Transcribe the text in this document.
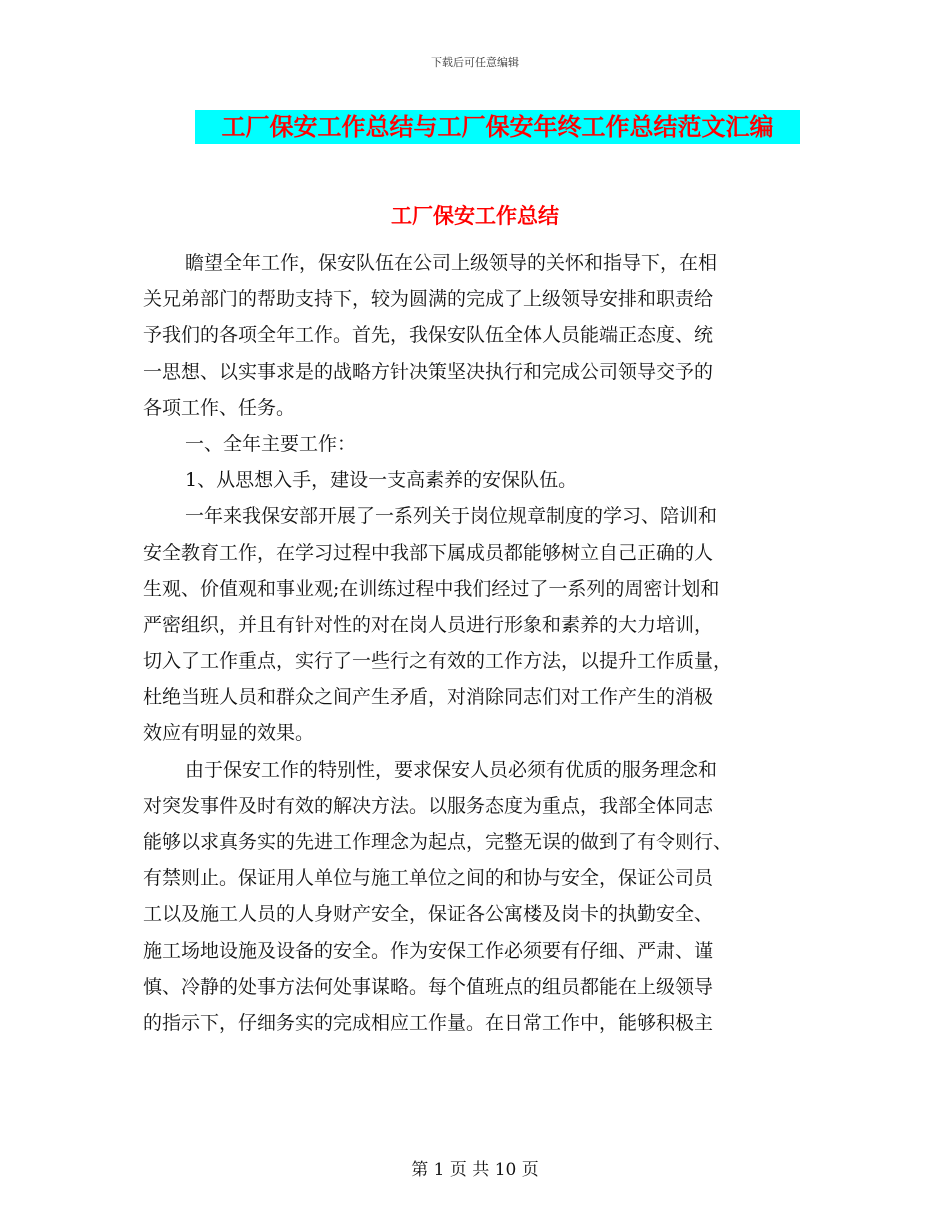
下载后可任意编辑
工厂保安工作总结与工厂保安年终工作总结范文汇编
工厂保安工作总结
瞻望全年工作，保安队伍在公司上级领导的关怀和指导下，在相
关兄弟部门的帮助支持下，较为圆满的完成了上级领导安排和职责给
予我们的各项全年工作。首先，我保安队伍全体人员能端正态度、统
一思想、以实事求是的战略方针决策坚决执行和完成公司领导交予的
各项工作、任务。
一、全年主要工作：
1、从思想入手，建设一支高素养的安保队伍。
一年来我保安部开展了一系列关于岗位规章制度的学习、陪训和
安全教育工作，在学习过程中我部下属成员都能够树立自己正确的人
生观、价值观和事业观;在训练过程中我们经过了一系列的周密计划和
严密组织，并且有针对性的对在岗人员进行形象和素养的大力培训，
切入了工作重点，实行了一些行之有效的工作方法，以提升工作质量，
杜绝当班人员和群众之间产生矛盾，对消除同志们对工作产生的消极
效应有明显的效果。
由于保安工作的特别性，要求保安人员必须有优质的服务理念和
对突发事件及时有效的解决方法。以服务态度为重点，我部全体同志
能够以求真务实的先进工作理念为起点，完整无误的做到了有令则行、
有禁则止。保证用人单位与施工单位之间的和协与安全，保证公司员
工以及施工人员的人身财产安全，保证各公寓楼及岗卡的执勤安全、
施工场地设施及设备的安全。作为安保工作必须要有仔细、严肃、谨
慎、冷静的处事方法何处事谋略。每个值班点的组员都能在上级领导
的指示下，仔细务实的完成相应工作量。在日常工作中，能够积极主
第 1 页 共 10 页
